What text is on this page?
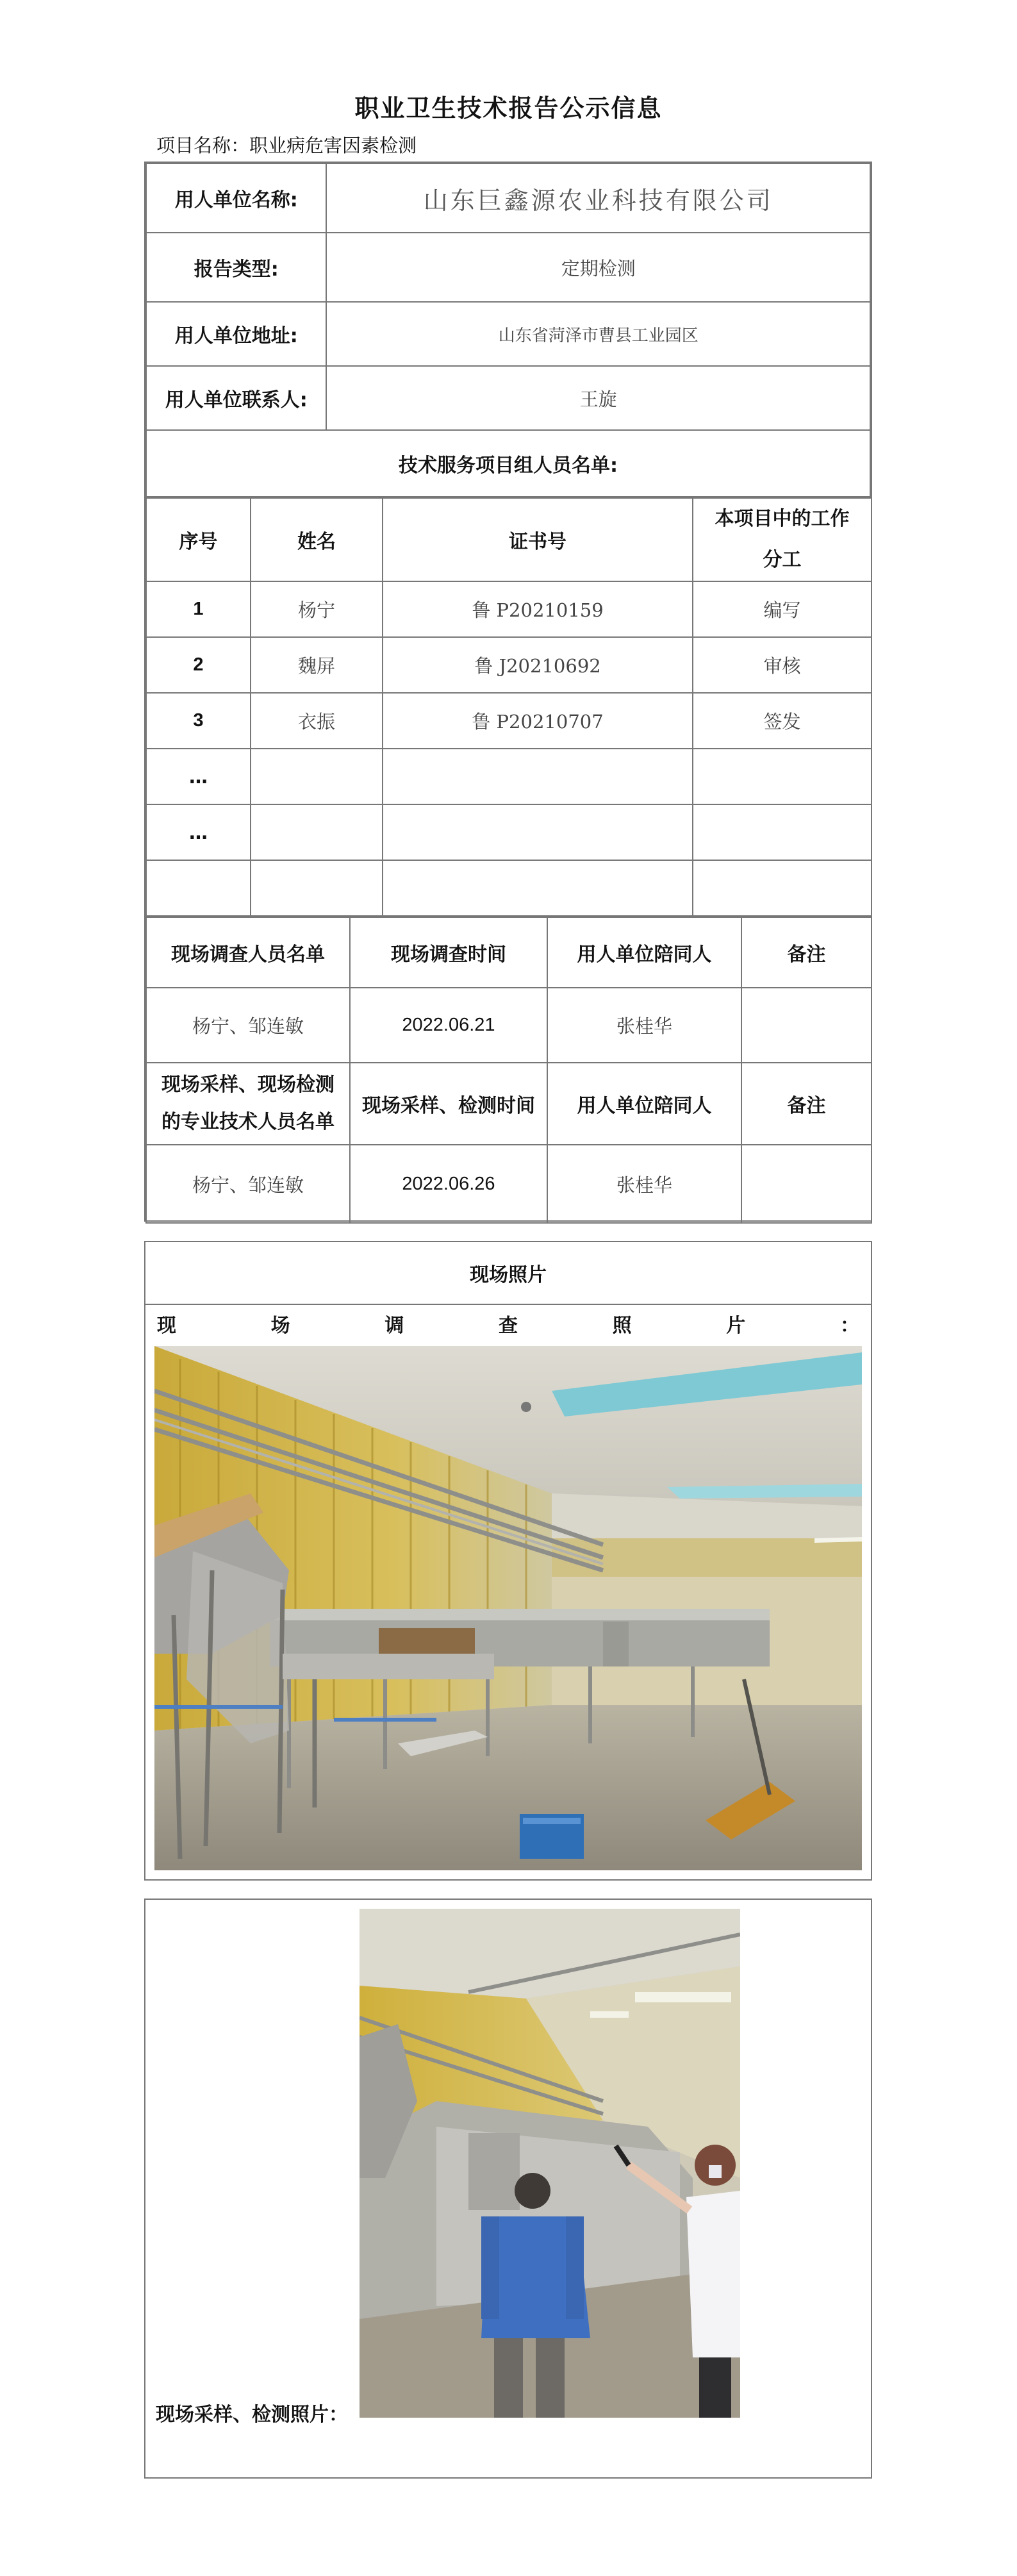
职业卫生技术报告公示信息
项目名称：职业病危害因素检测
用人单位名称:	山东巨鑫源农业科技有限公司
报告类型:	定期检测
用人单位地址:	山东省菏泽市曹县工业园区
用人单位联系人:	王旋
技术服务项目组人员名单:	
序号	姓名	证书号	本项目中的工作
分工

1	杨宁	鲁 P20210159	编写
2	魏屏	鲁 J20210692	审核
3	衣振	鲁 P20210707	签发
…			
…			

现场调查人员名单	现场调查时间	用人单位陪同人	备注
杨宁、邹连敏	2022.06.21	张桂华	

现场采样、现场检测
的专业技术人员名单	现场采样、检测时间	用人单位陪同人	备注
杨宁、邹连敏	2022.06.26	张桂华	
现场照片
现	场	调	查	照	片	：
现场采样、检测照片：
